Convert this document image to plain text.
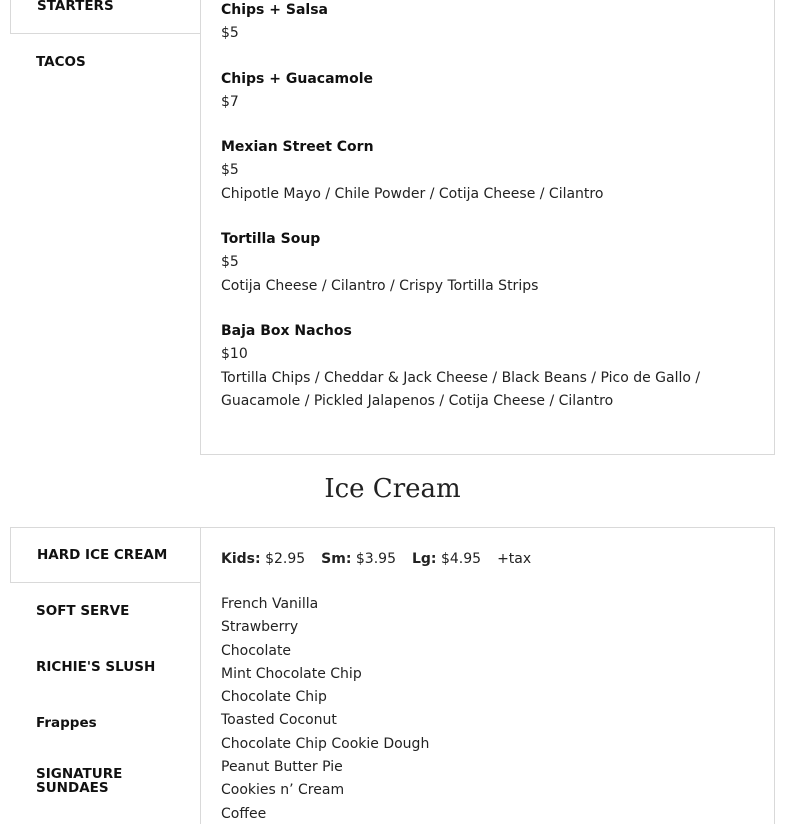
STARTERS
TACOS
Chips + Salsa
$5
Chips + Guacamole
$7
Mexian Street Corn
$5
Chipotle Mayo / Chile Powder / Cotija Cheese / Cilantro
Tortilla Soup
$5
Cotija Cheese / Cilantro / Crispy Tortilla Strips
Baja Box Nachos
$10
Tortilla Chips / Cheddar & Jack Cheese / Black Beans / Pico de Gallo /
Guacamole / Pickled Jalapenos / Cotija Cheese / Cilantro
Ice Cream
HARD ICE CREAM
SOFT SERVE
RICHIE'S SLUSH
Frappes
SIGNATURE
SUNDAES
Kids: $2.95 Sm: $3.95 Lg: $4.95 +tax
French Vanilla
Strawberry
Chocolate
Mint Chocolate Chip
Chocolate Chip
Toasted Coconut
Chocolate Chip Cookie Dough
Peanut Butter Pie
Cookies n’ Cream
Coffee
